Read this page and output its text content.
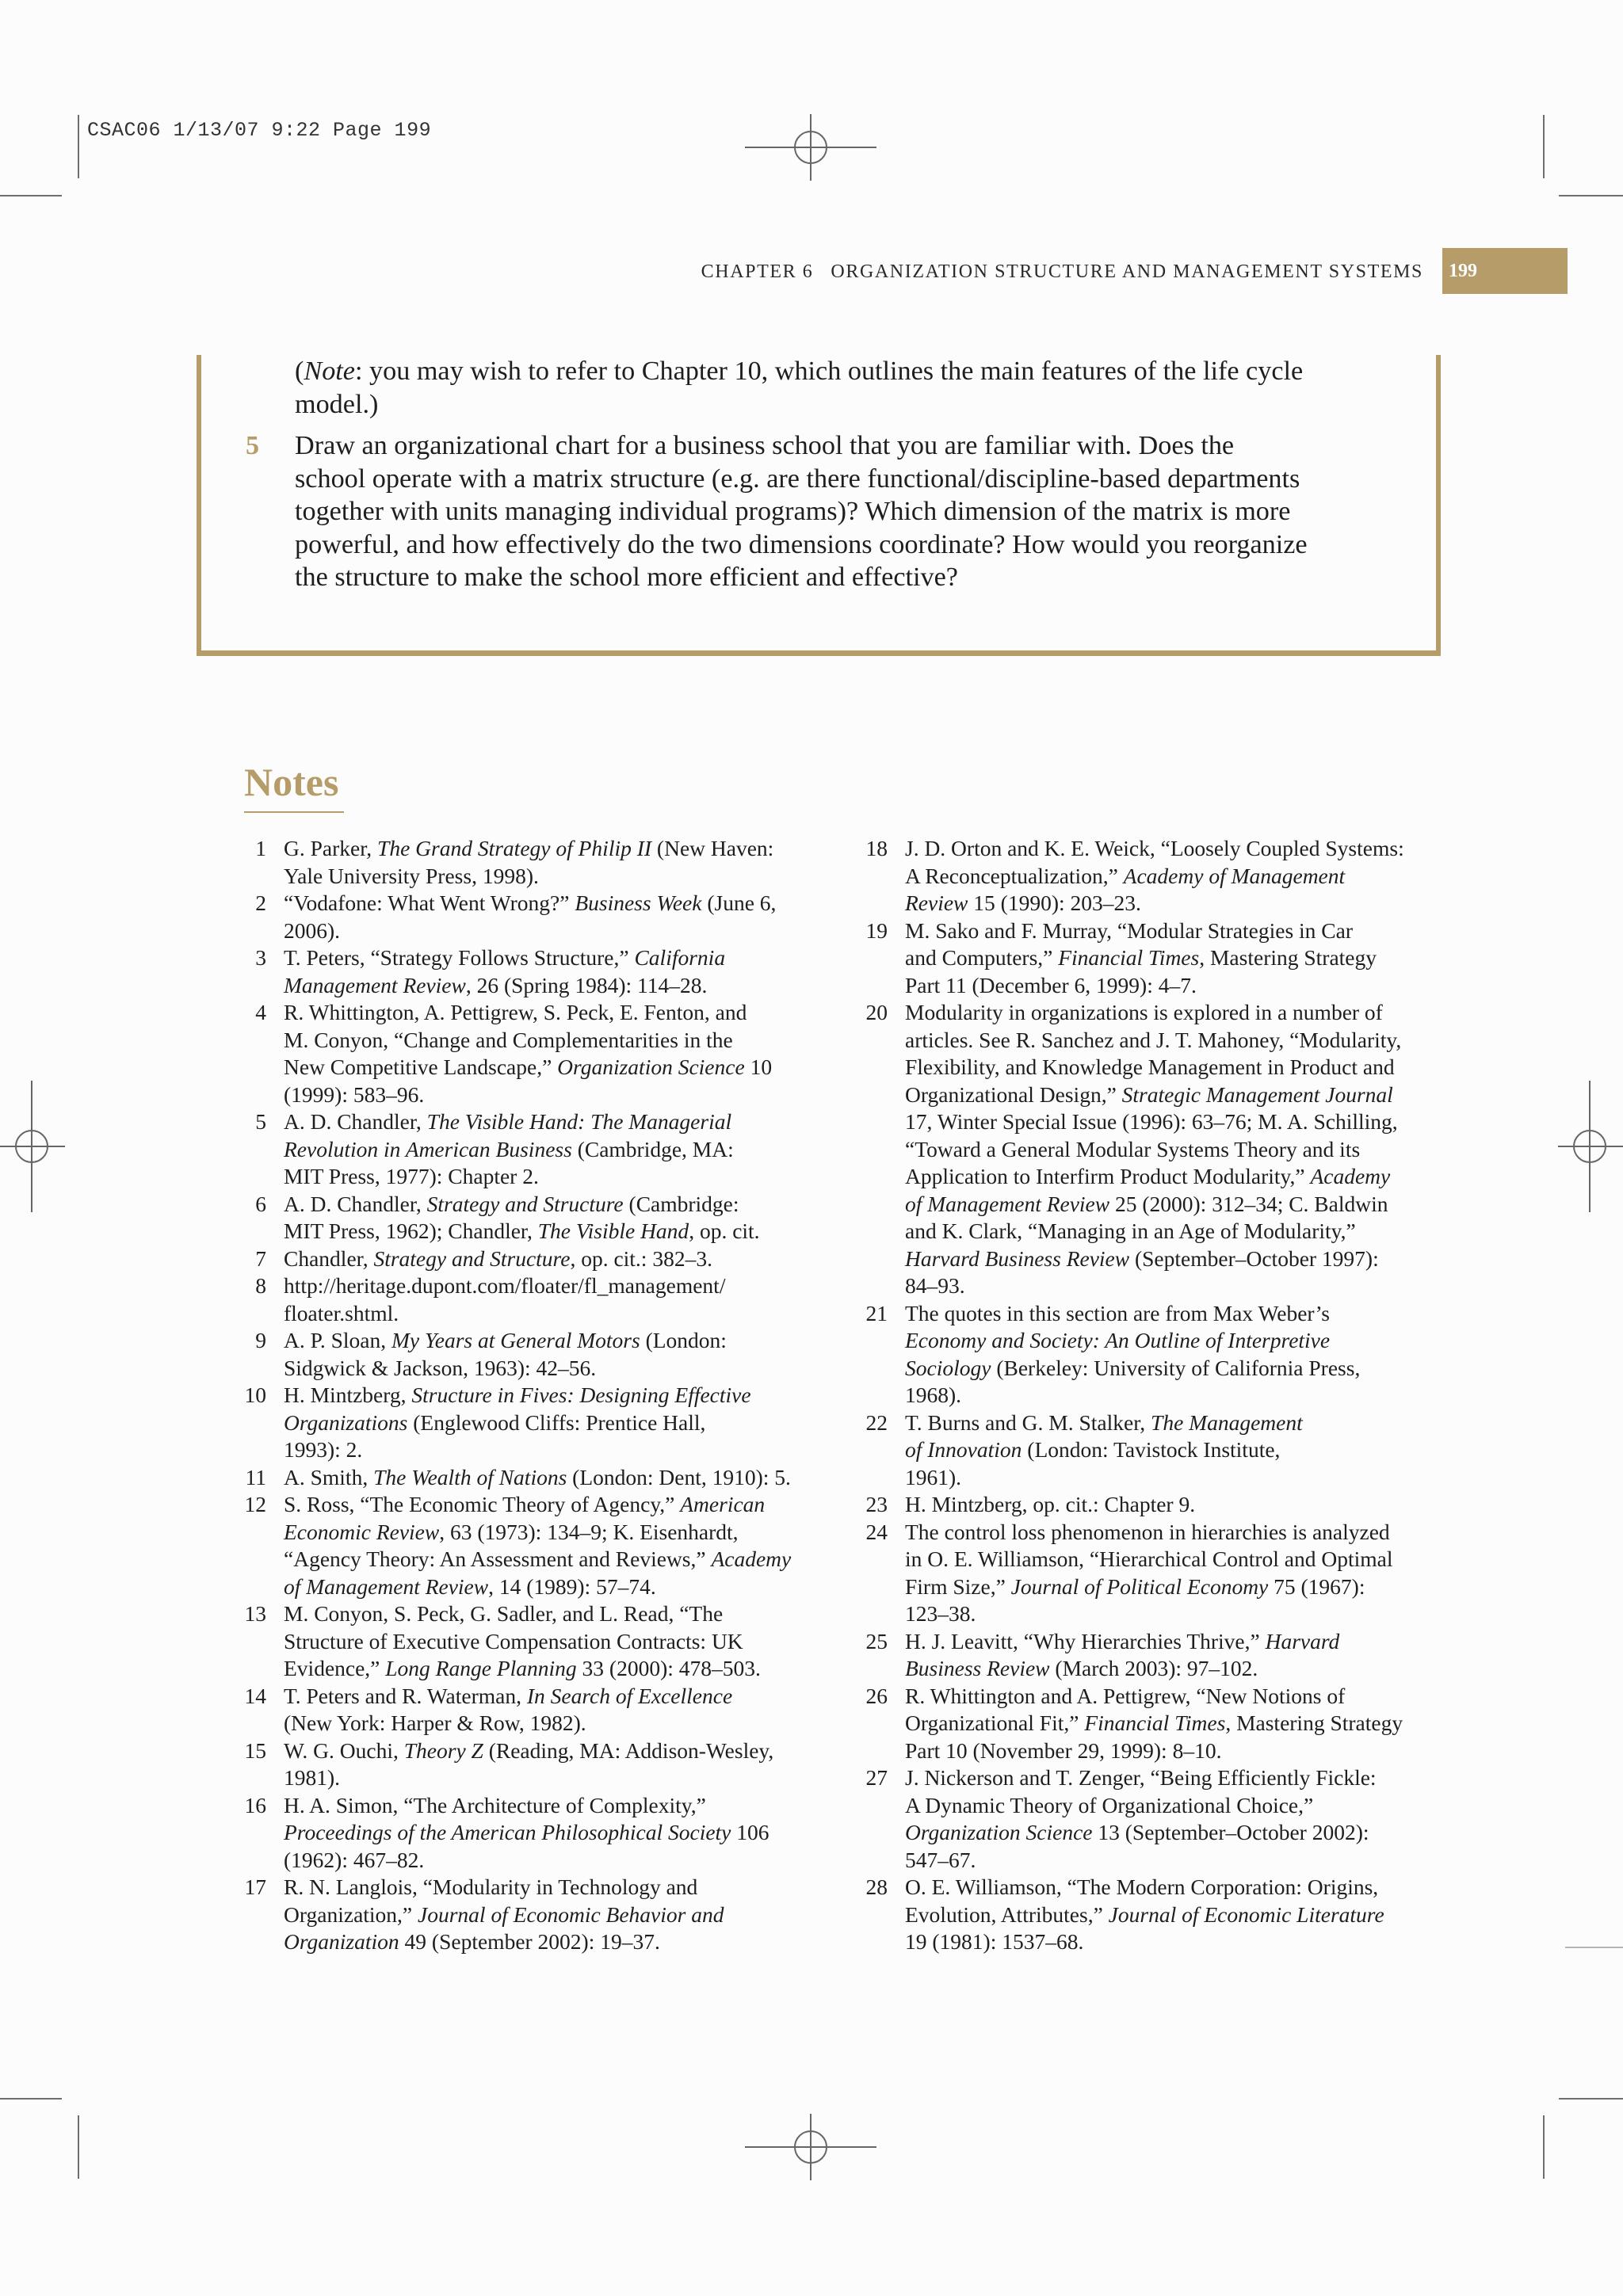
CSAC06 1/13/07 9:22 Page 199
CHAPTER 6 ORGANIZATION STRUCTURE AND MANAGEMENT SYSTEMS	199
(Note: you may wish to refer to Chapter 10, which outlines the main features of the life cycle
model.)
5 Draw an organizational chart for a business school that you are familiar with. Does the
school operate with a matrix structure (e.g. are there functional/discipline-based departments
together with units managing individual programs)? Which dimension of the matrix is more
powerful, and how effectively do the two dimensions coordinate? How would you reorganize
the structure to make the school more efficient and effective?
Notes
1 G. Parker, The Grand Strategy of Philip II (New Haven:
Yale University Press, 1998).
2 “Vodafone: What Went Wrong?” Business Week (June 6,
2006).
3 T. Peters, “Strategy Follows Structure,” California
Management Review, 26 (Spring 1984): 114–28.
4 R. Whittington, A. Pettigrew, S. Peck, E. Fenton, and
M. Conyon, “Change and Complementarities in the
New Competitive Landscape,” Organization Science 10
(1999): 583–96.
5 A. D. Chandler, The Visible Hand: The Managerial
Revolution in American Business (Cambridge, MA:
MIT Press, 1977): Chapter 2.
6 A. D. Chandler, Strategy and Structure (Cambridge:
MIT Press, 1962); Chandler, The Visible Hand, op. cit.
7 Chandler, Strategy and Structure, op. cit.: 382–3.
8 http://heritage.dupont.com/floater/fl_management/
floater.shtml.
9 A. P. Sloan, My Years at General Motors (London:
Sidgwick & Jackson, 1963): 42–56.
10 H. Mintzberg, Structure in Fives: Designing Effective
Organizations (Englewood Cliffs: Prentice Hall,
1993): 2.
11 A. Smith, The Wealth of Nations (London: Dent, 1910): 5.
12 S. Ross, “The Economic Theory of Agency,” American
Economic Review, 63 (1973): 134–9; K. Eisenhardt,
“Agency Theory: An Assessment and Reviews,” Academy
of Management Review, 14 (1989): 57–74.
13 M. Conyon, S. Peck, G. Sadler, and L. Read, “The
Structure of Executive Compensation Contracts: UK
Evidence,” Long Range Planning 33 (2000): 478–503.
14 T. Peters and R. Waterman, In Search of Excellence
(New York: Harper & Row, 1982).
15 W. G. Ouchi, Theory Z (Reading, MA: Addison-Wesley,
1981).
16 H. A. Simon, “The Architecture of Complexity,”
Proceedings of the American Philosophical Society 106
(1962): 467–82.
17 R. N. Langlois, “Modularity in Technology and
Organization,” Journal of Economic Behavior and
Organization 49 (September 2002): 19–37.
18 J. D. Orton and K. E. Weick, “Loosely Coupled Systems:
A Reconceptualization,” Academy of Management
Review 15 (1990): 203–23.
19 M. Sako and F. Murray, “Modular Strategies in Car
and Computers,” Financial Times, Mastering Strategy
Part 11 (December 6, 1999): 4–7.
20 Modularity in organizations is explored in a number of
articles. See R. Sanchez and J. T. Mahoney, “Modularity,
Flexibility, and Knowledge Management in Product and
Organizational Design,” Strategic Management Journal
17, Winter Special Issue (1996): 63–76; M. A. Schilling,
“Toward a General Modular Systems Theory and its
Application to Interfirm Product Modularity,” Academy
of Management Review 25 (2000): 312–34; C. Baldwin
and K. Clark, “Managing in an Age of Modularity,”
Harvard Business Review (September–October 1997):
84–93.
21 The quotes in this section are from Max Weber’s
Economy and Society: An Outline of Interpretive
Sociology (Berkeley: University of California Press,
1968).
22 T. Burns and G. M. Stalker, The Management
of Innovation (London: Tavistock Institute,
1961).
23 H. Mintzberg, op. cit.: Chapter 9.
24 The control loss phenomenon in hierarchies is analyzed
in O. E. Williamson, “Hierarchical Control and Optimal
Firm Size,” Journal of Political Economy 75 (1967):
123–38.
25 H. J. Leavitt, “Why Hierarchies Thrive,” Harvard
Business Review (March 2003): 97–102.
26 R. Whittington and A. Pettigrew, “New Notions of
Organizational Fit,” Financial Times, Mastering Strategy
Part 10 (November 29, 1999): 8–10.
27 J. Nickerson and T. Zenger, “Being Efficiently Fickle:
A Dynamic Theory of Organizational Choice,”
Organization Science 13 (September–October 2002):
547–67.
28 O. E. Williamson, “The Modern Corporation: Origins,
Evolution, Attributes,” Journal of Economic Literature
19 (1981): 1537–68.
